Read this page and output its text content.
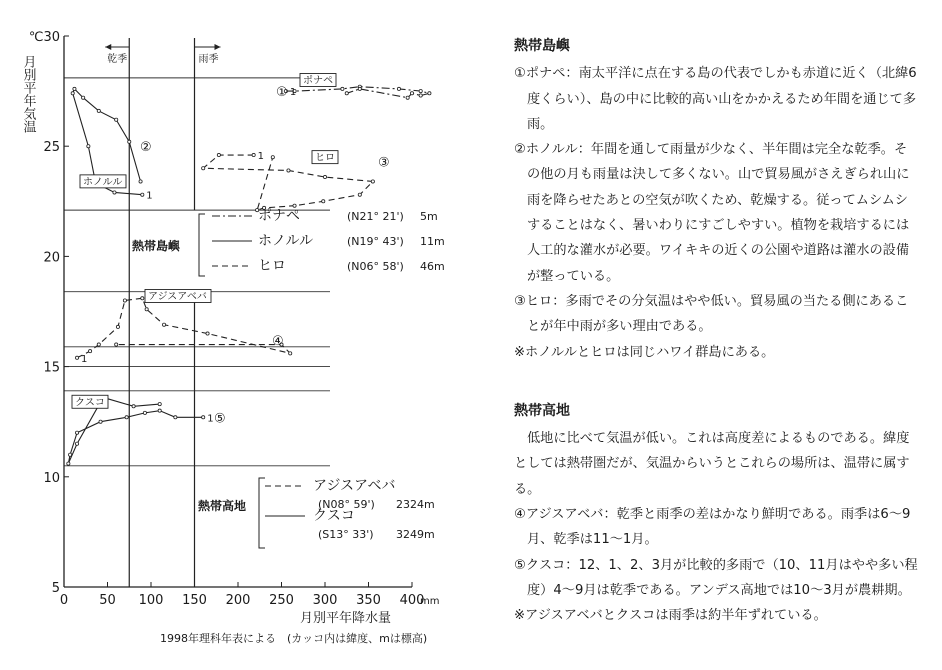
乾季	雨季
5
10
15
20
25
℃30
0 50 100 150 200 250 300 350 400
1
ポナペ
①
1
ホノルル
②
1	ヒロ	③
1
アジスアベバ
④
1
クスコ
⑤
熱帯島嶼
ポナペ	(N21° 21') 5m
ホノルル	(N19° 43') 11m
ヒロ	(N06° 58') 46m
熱帯高地
アジスアベバ
(N08° 59') 2324m
クスコ
(S13° 33') 3249m
月別平年気温
月別平年降水量
mm
1998年理科年表による　(カッコ内は緯度、mは標高)
熱帯島嶼
①ポナペ：南太平洋に点在する島の代表でしかも赤道に近く（北緯6度くらい）、島の中に比較的高い山をかかえるため年間を通じて多雨。
②ホノルル：年間を通して雨量が少なく、半年間は完全な乾季。その他の月も雨量は決して多くない。山で貿易風がさえぎられ山に雨を降らせたあとの空気が吹くため、乾燥する。従ってムシムシすることはなく、暑いわりにすごしやすい。植物を栽培するには人工的な灌水が必要。ワイキキの近くの公園や道路は灌水の設備が整っている。
③ヒロ：多雨でその分気温はやや低い。貿易風の当たる側にあることが年中雨が多い理由である。
※ホノルルとヒロは同じハワイ群島にある。
熱帯高地
低地に比べて気温が低い。これは高度差によるものである。緯度としては熱帯圏だが、気温からいうとこれらの場所は、温帯に属する。
④アジスアベバ：乾季と雨季の差はかなり鮮明である。雨季は6〜9月、乾季は11〜1月。
⑤クスコ：12、1、2、3月が比較的多雨で（10、11月はやや多い程度）4〜9月は乾季である。アンデス高地では10〜3月が農耕期。
※アジスアベバとクスコは雨季は約半年ずれている。
